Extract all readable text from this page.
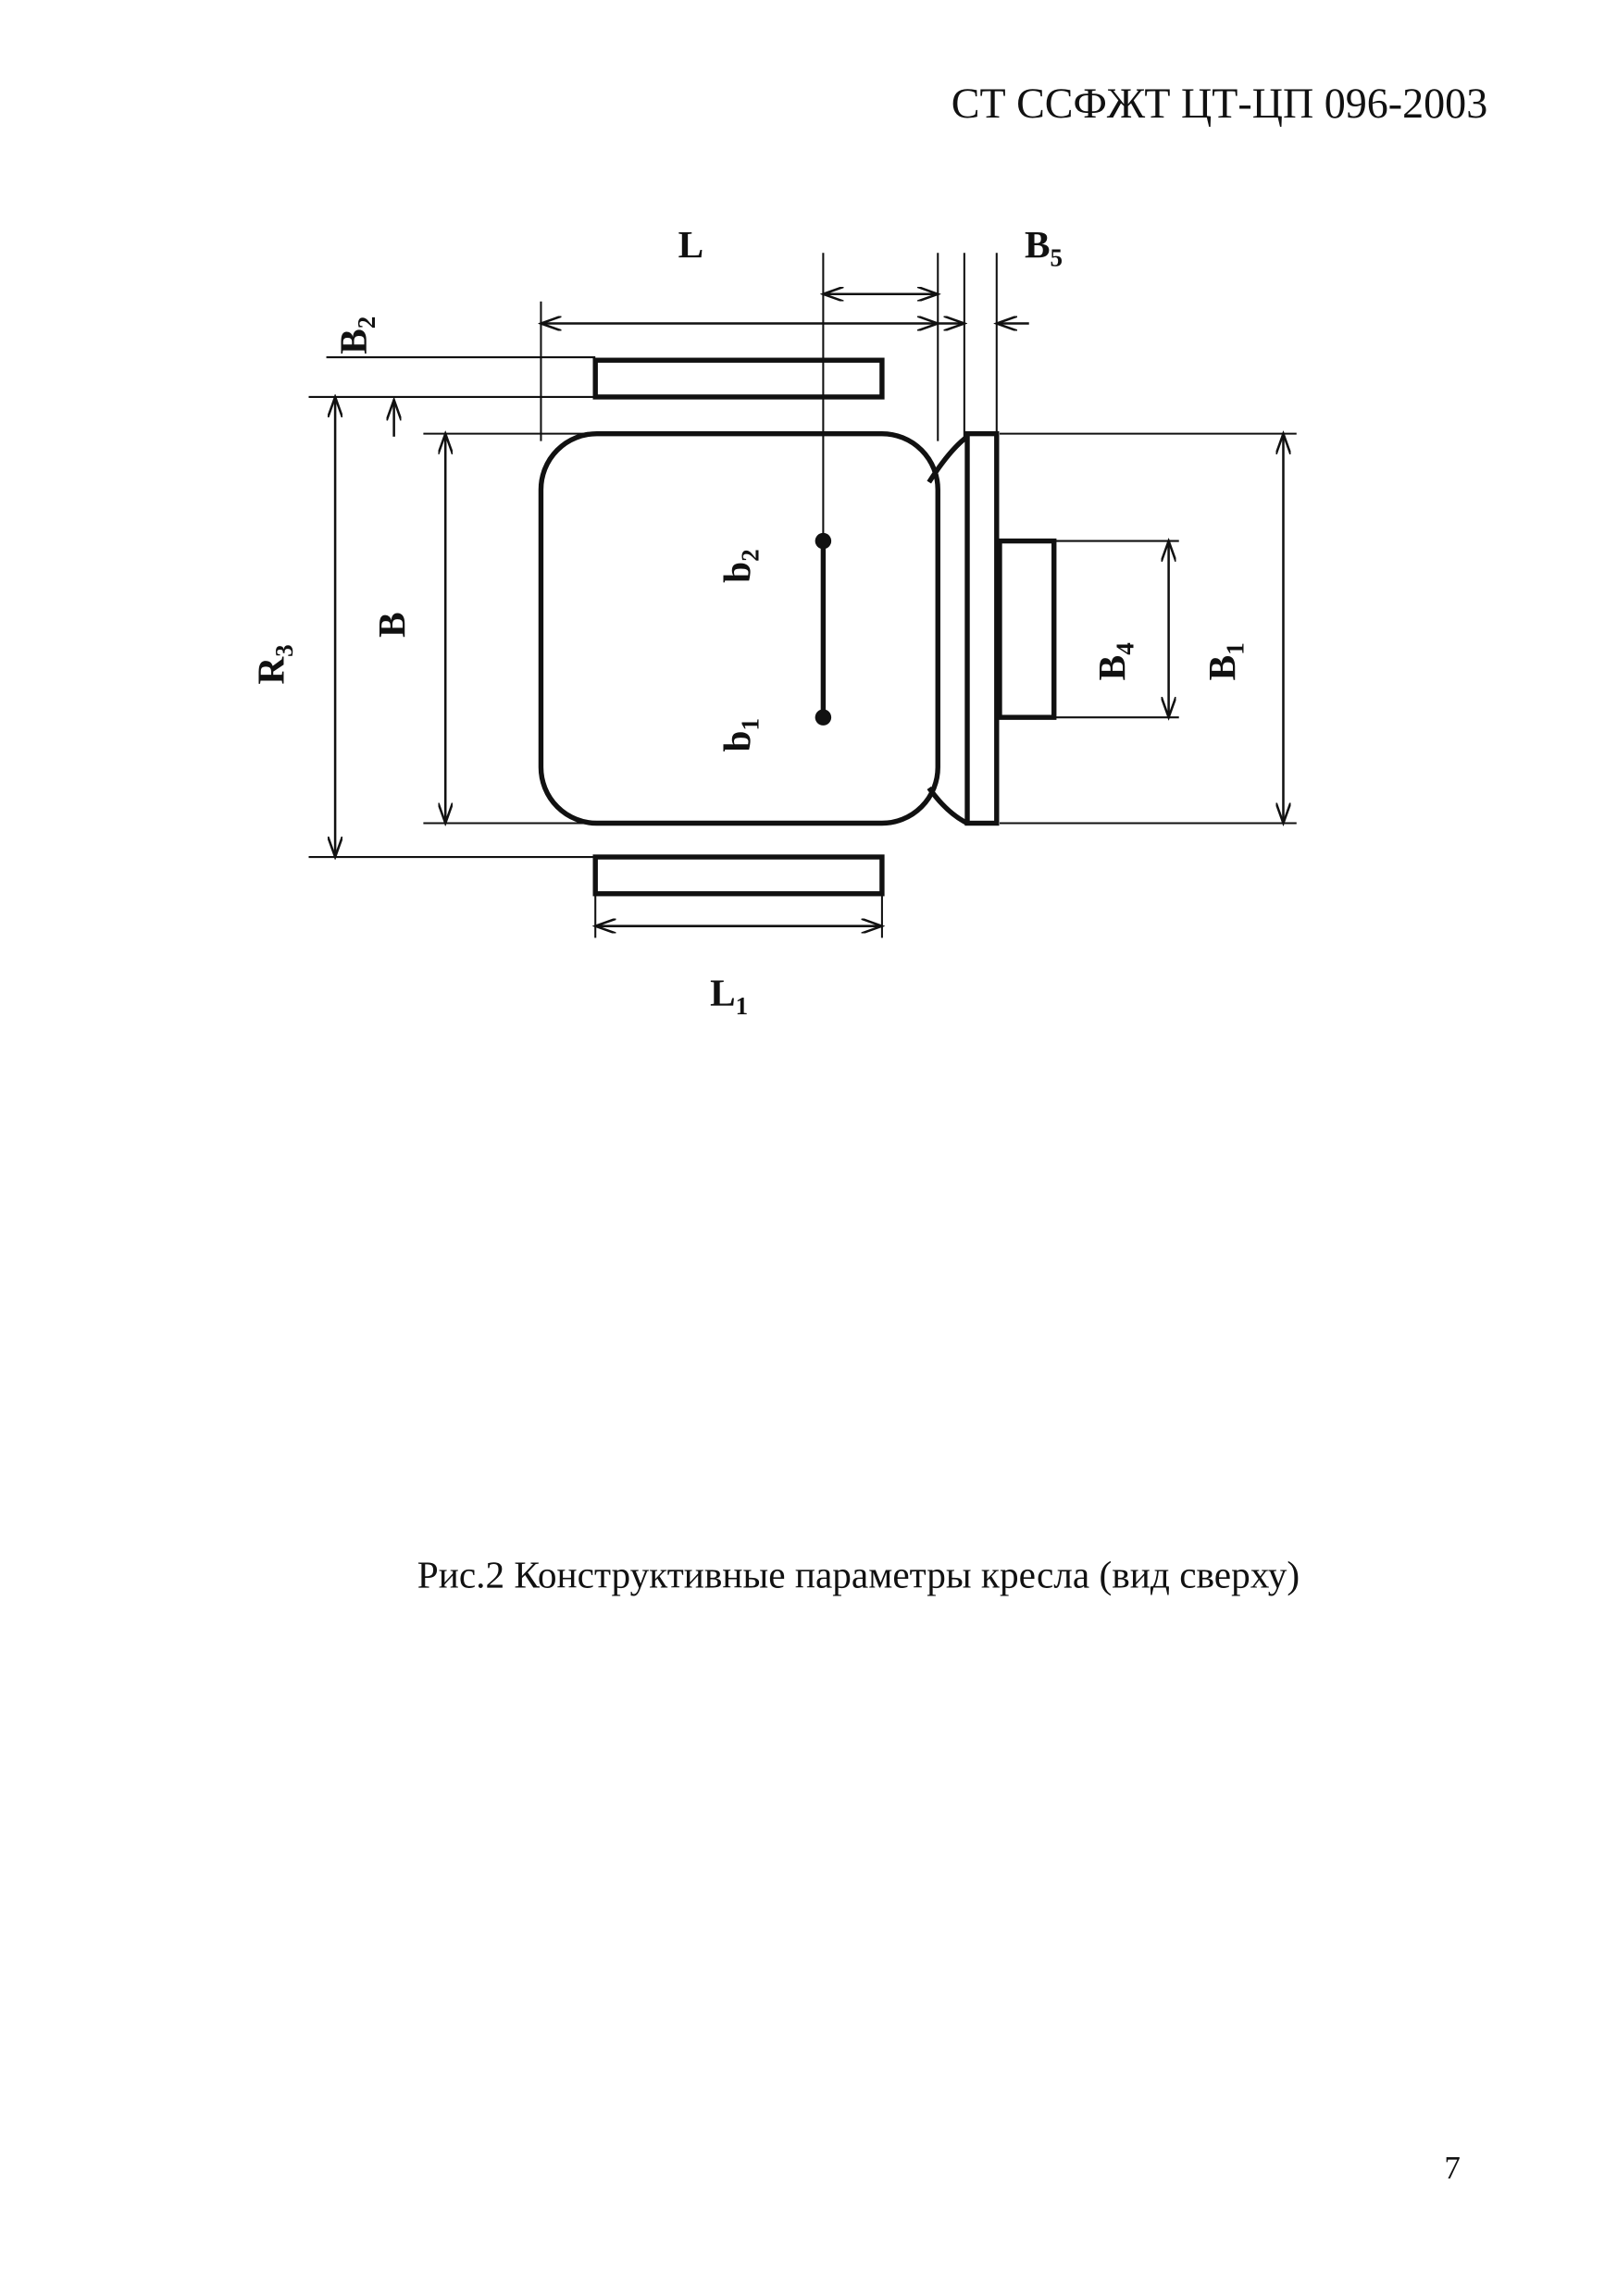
СТ ССФЖТ ЦТ-ЦП 096-2003
L	$B_5$
$B_2$
$R_3$
B
$b_2$
$b_1$
$B_4$
$B_1$
$L_1$
Рис.2 Конструктивные параметры кресла (вид сверху)
7
